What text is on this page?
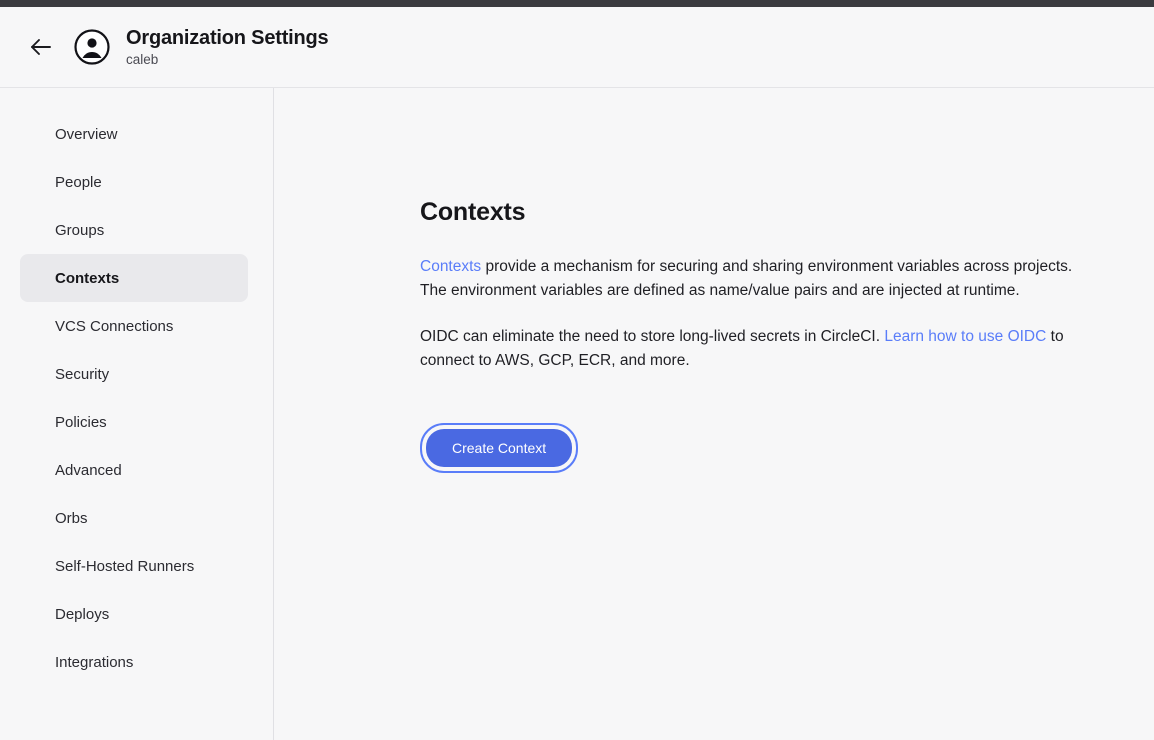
Organization Settings
caleb
Overview
People
Groups
Contexts
VCS Connections
Security
Policies
Advanced
Orbs
Self-Hosted Runners
Deploys
Integrations
Contexts

Contexts provide a mechanism for securing and sharing environment variables across projects. The environment variables are defined as name/value pairs and are injected at runtime.

OIDC can eliminate the need to store long-lived secrets in CircleCI. Learn how to use OIDC to connect to AWS, GCP, ECR, and more.

Create Context
